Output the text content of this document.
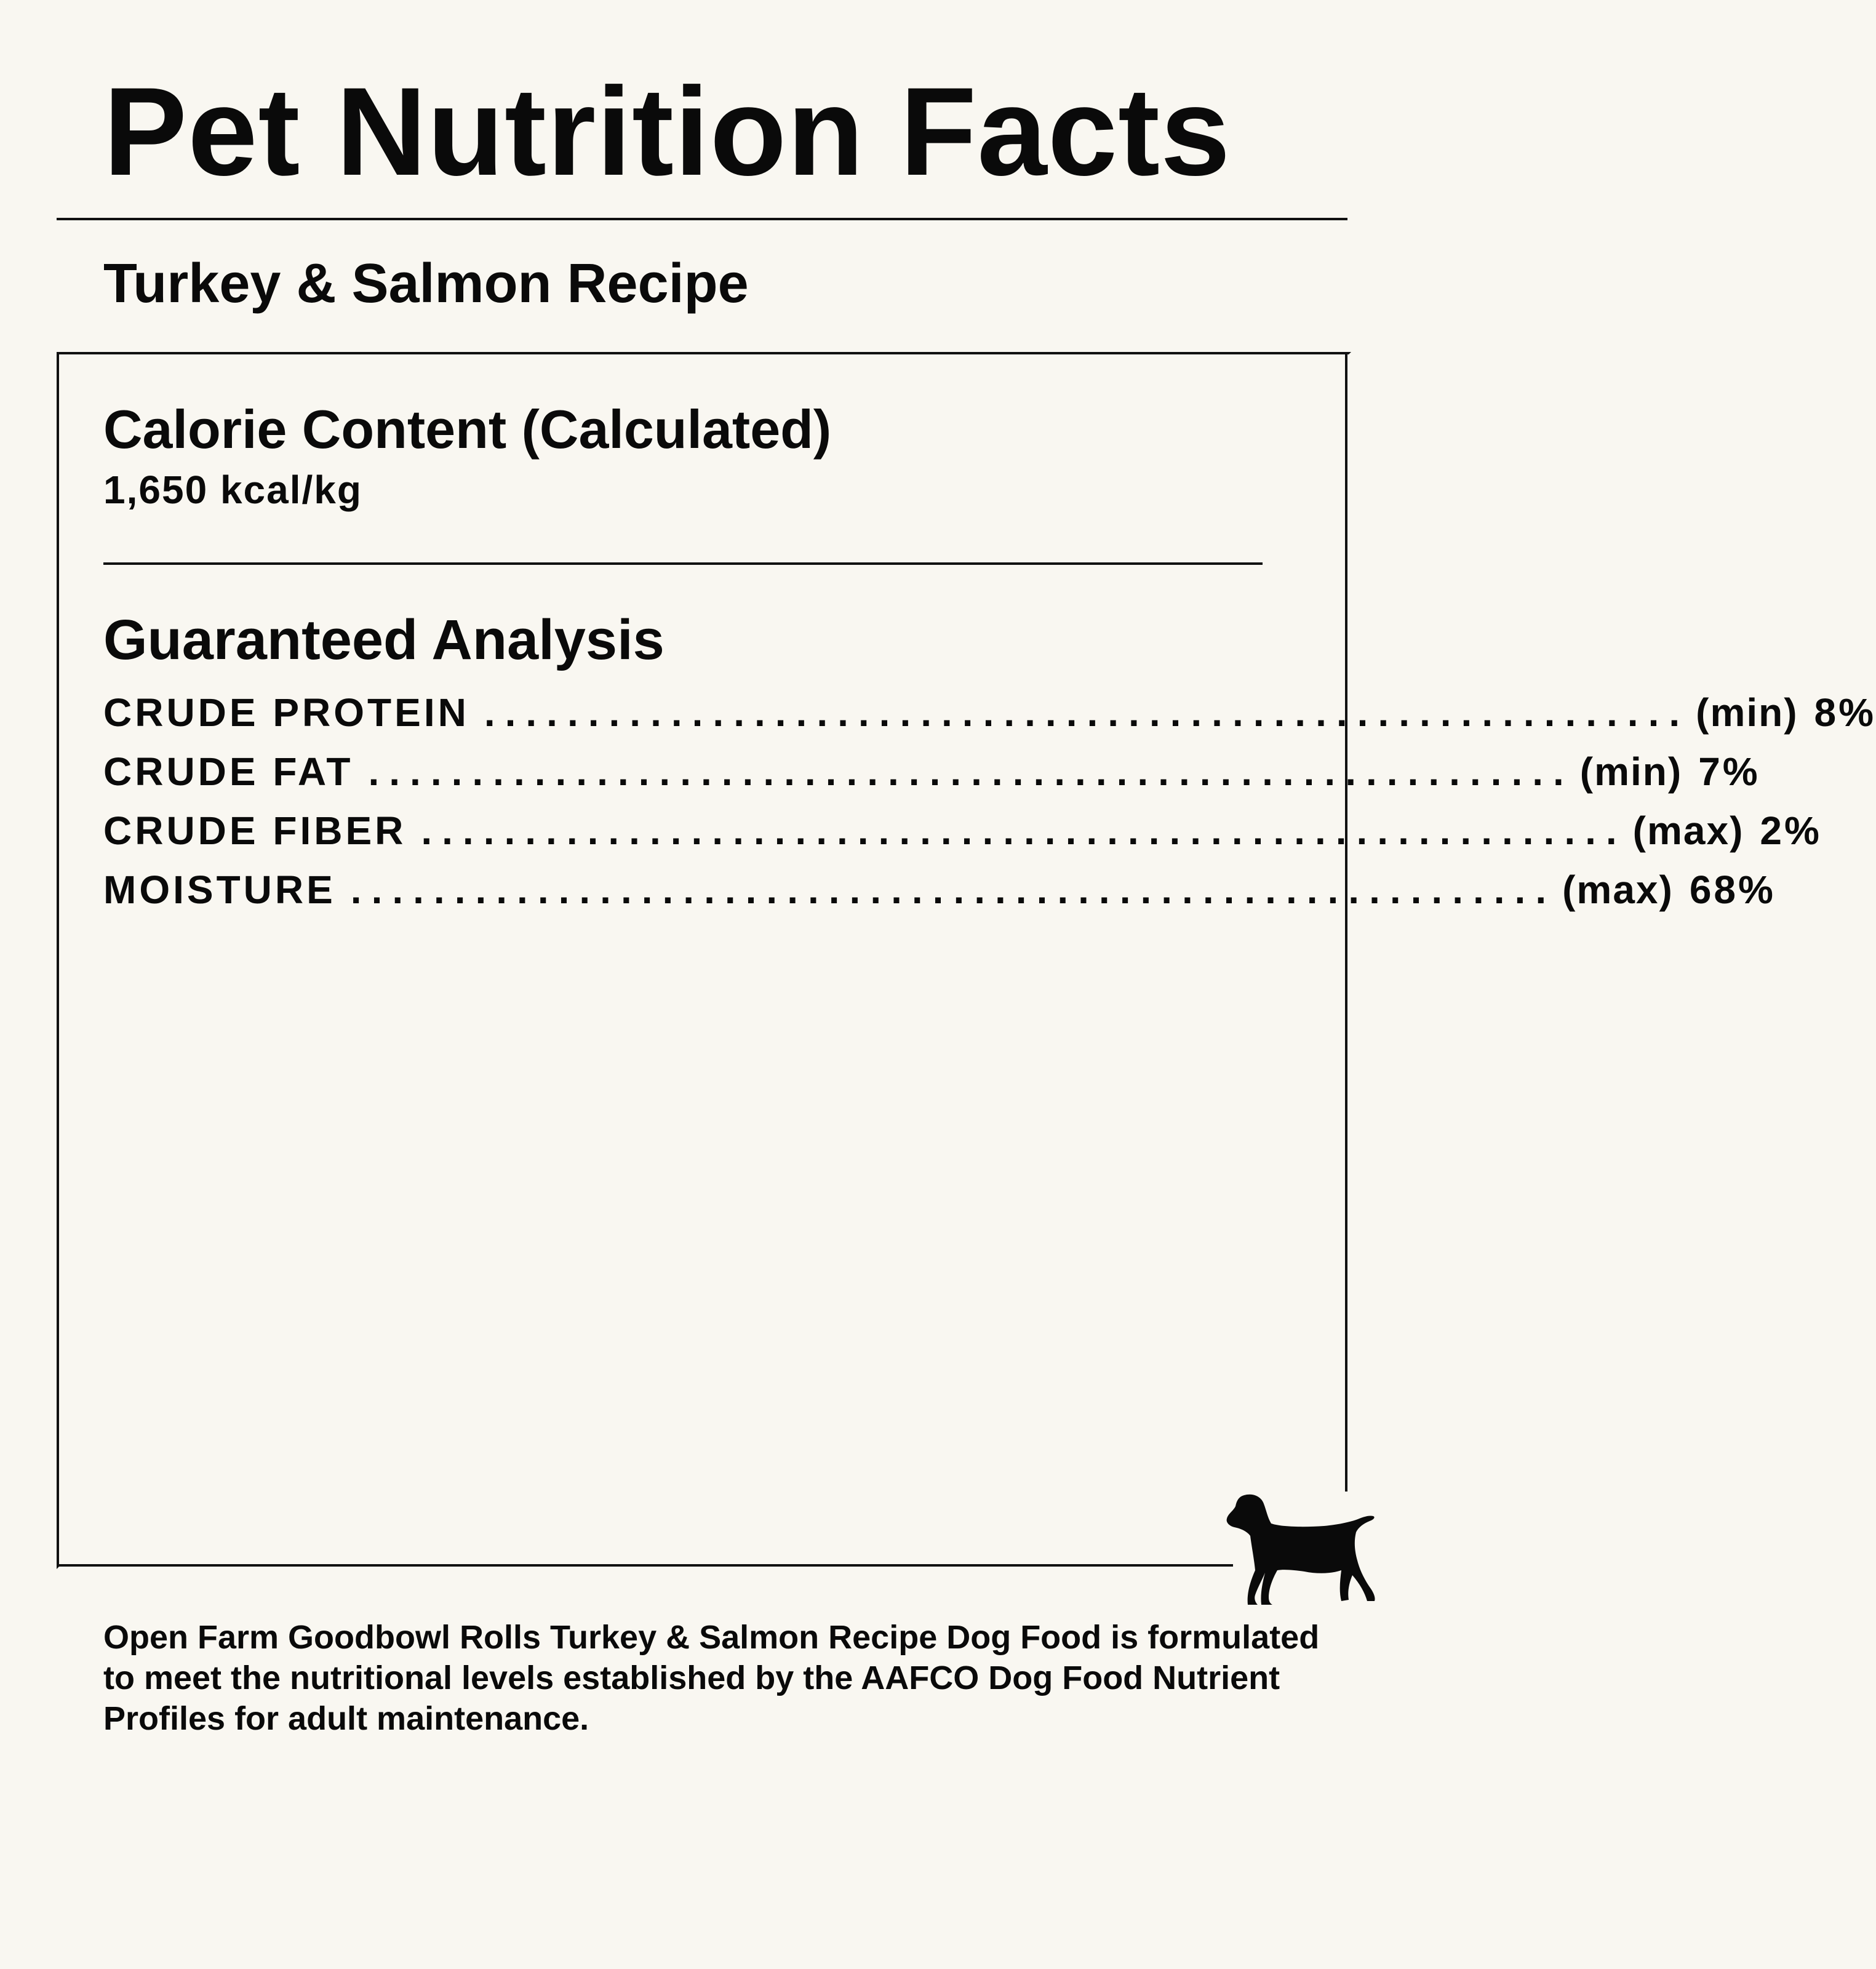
Pet Nutrition Facts
Turkey & Salmon Recipe
Calorie Content (Calculated)
1,650 kcal/kg
Guaranteed Analysis
CRUDE PROTEIN .......................................................... (min) 8%
CRUDE FAT .......................................................... (min) 7%
CRUDE FIBER .......................................................... (max) 2%
MOISTURE .......................................................... (max) 68%

Open Farm Goodbowl Rolls Turkey & Salmon Recipe Dog Food is formulated to meet the nutritional levels established by the AAFCO Dog Food Nutrient Profiles for adult maintenance.
